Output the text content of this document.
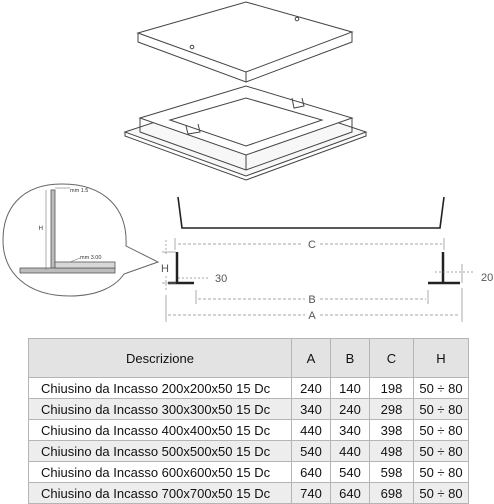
mm 1.5
H
mm 3.00
C
H
30	20
B
A
Descrizione	A	B	C	H
Chiusino da Incasso 200x200x50 15 Dc	240	140	198	50 ÷ 80
Chiusino da Incasso 300x300x50 15 Dc	340	240	298	50 ÷ 80
Chiusino da Incasso 400x400x50 15 Dc	440	340	398	50 ÷ 80
Chiusino da Incasso 500x500x50 15 Dc	540	440	498	50 ÷ 80
Chiusino da Incasso 600x600x50 15 Dc	640	540	598	50 ÷ 80
Chiusino da Incasso 700x700x50 15 Dc	740	640	698	50 ÷ 80
